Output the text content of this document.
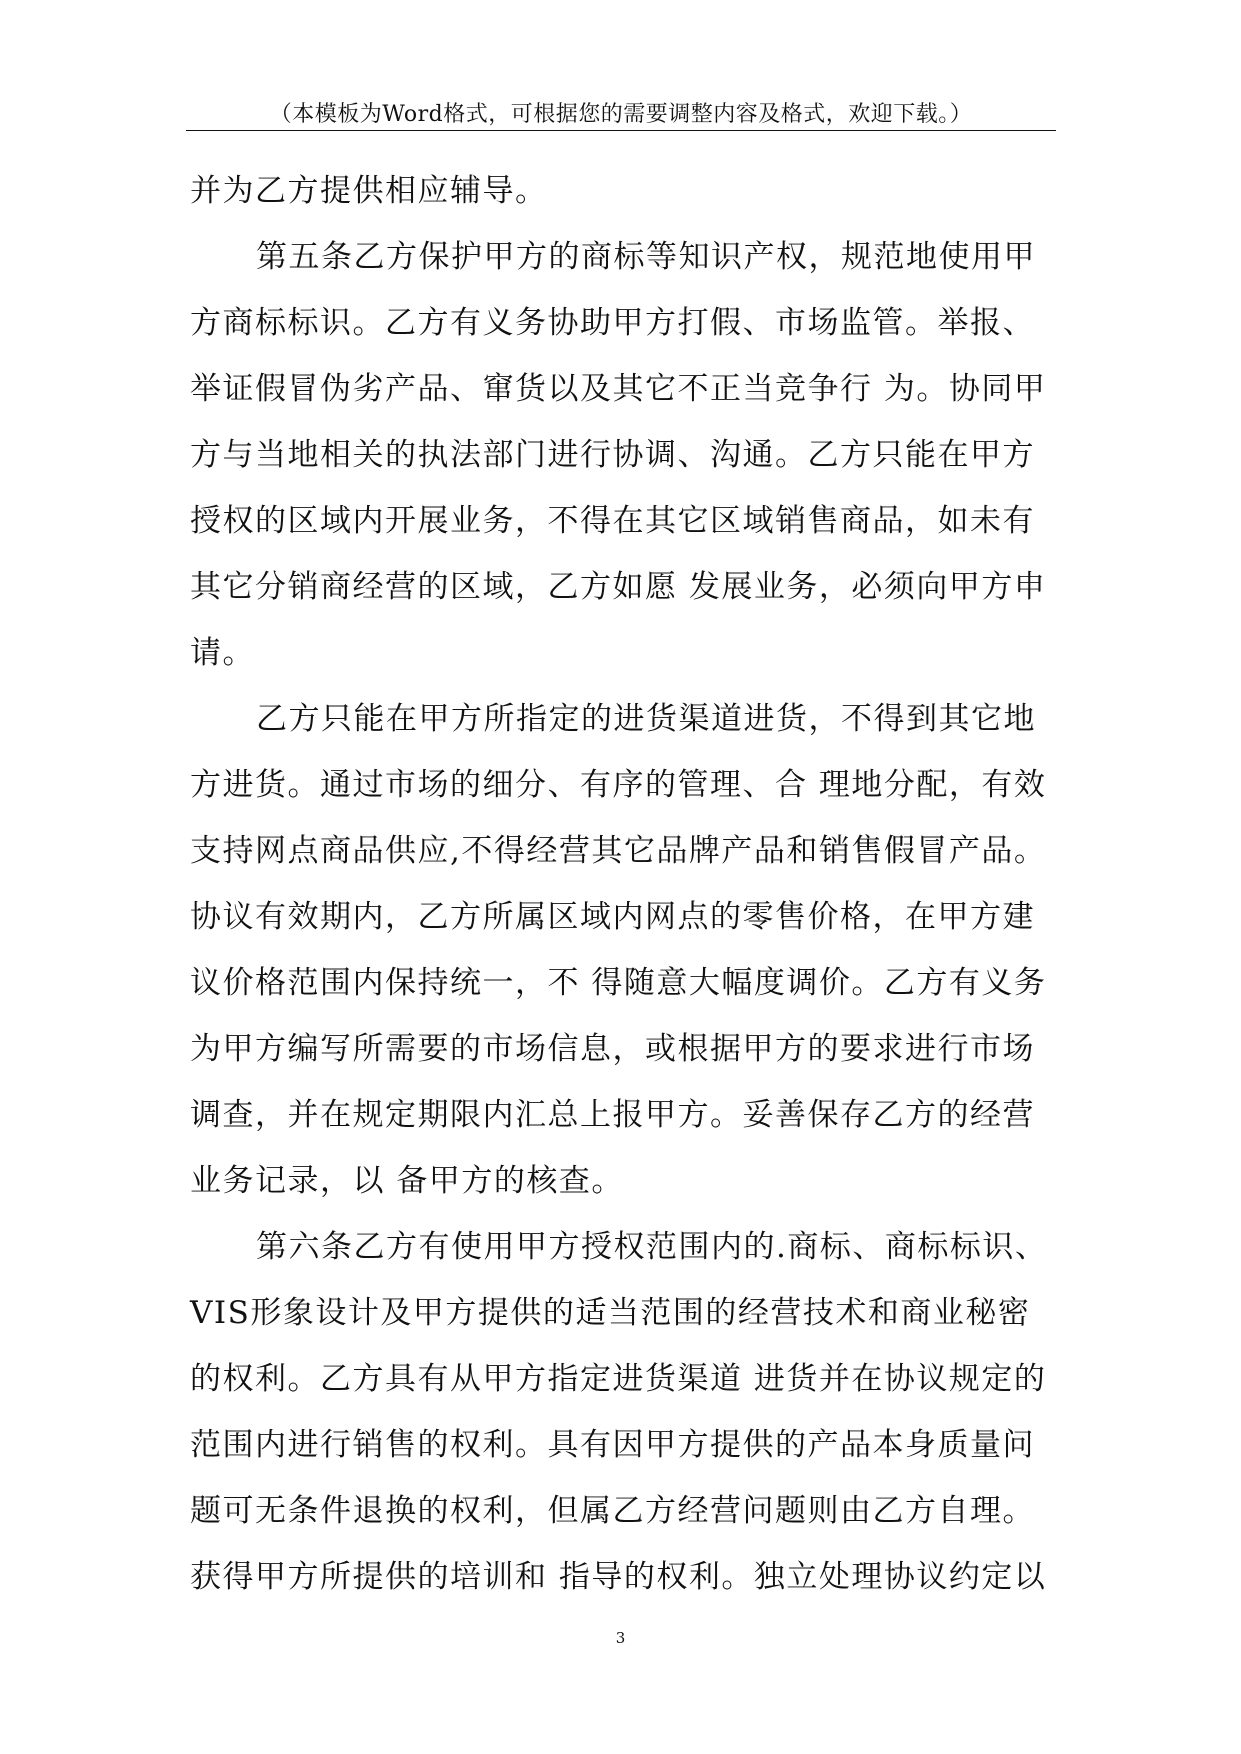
（本模板为Word格式，可根据您的需要调整内容及格式，欢迎下载。）
并为乙方提供相应辅导。
第五条乙方保护甲方的商标等知识产权，规范地使用甲
方商标标识。乙方有义务协助甲方打假、市场监管。举报、
举证假冒伪劣产品、窜货以及其它不正当竞争行 为。协同甲
方与当地相关的执法部门进行协调、沟通。乙方只能在甲方
授权的区域内开展业务，不得在其它区域销售商品，如未有
其它分销商经营的区域，乙方如愿 发展业务，必须向甲方申
请。
乙方只能在甲方所指定的进货渠道进货，不得到其它地
方进货。通过市场的细分、有序的管理、合 理地分配，有效
支持网点商品供应,不得经营其它品牌产品和销售假冒产品。
协议有效期内，乙方所属区域内网点的零售价格，在甲方建
议价格范围内保持统一，不 得随意大幅度调价。乙方有义务
为甲方编写所需要的市场信息，或根据甲方的要求进行市场
调查，并在规定期限内汇总上报甲方。妥善保存乙方的经营
业务记录，以 备甲方的核查。
第六条乙方有使用甲方授权范围内的.商标、商标标识、
VIS形象设计及甲方提供的适当范围的经营技术和商业秘密
的权利。乙方具有从甲方指定进货渠道 进货并在协议规定的
范围内进行销售的权利。具有因甲方提供的产品本身质量问
题可无条件退换的权利，但属乙方经营问题则由乙方自理。
获得甲方所提供的培训和 指导的权利。独立处理协议约定以
3
